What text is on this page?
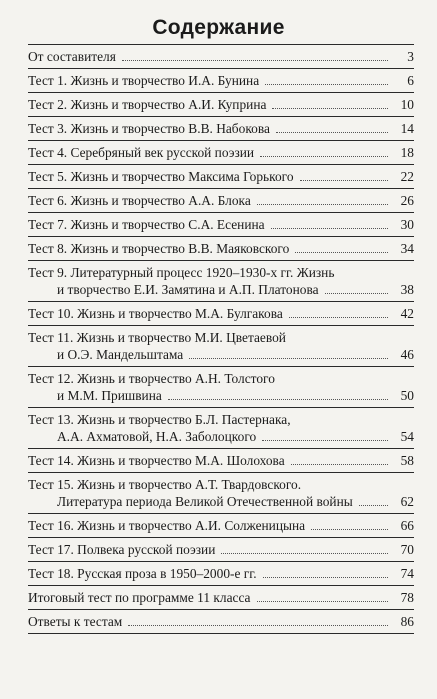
Содержание
От составителя	3
Тест 1. Жизнь и творчество И.А. Бунина	6
Тест 2. Жизнь и творчество А.И. Куприна	10
Тест 3. Жизнь и творчество В.В. Набокова	14
Тест 4. Серебряный век русской поэзии	18
Тест 5. Жизнь и творчество Максима Горького	22
Тест 6. Жизнь и творчество А.А. Блока	26
Тест 7. Жизнь и творчество С.А. Есенина	30
Тест 8. Жизнь и творчество В.В. Маяковского	34
Тест 9. Литературный процесс 1920–1930-х гг. Жизнь
и творчество Е.И. Замятина и А.П. Платонова	38
Тест 10. Жизнь и творчество М.А. Булгакова	42
Тест 11. Жизнь и творчество М.И. Цветаевой
и О.Э. Мандельштама	46
Тест 12. Жизнь и творчество А.Н. Толстого
и М.М. Пришвина	50
Тест 13. Жизнь и творчество Б.Л. Пастернака,
А.А. Ахматовой, Н.А. Заболоцкого	54
Тест 14. Жизнь и творчество М.А. Шолохова	58
Тест 15. Жизнь и творчество А.Т. Твардовского.
Литература периода Великой Отечественной войны	62
Тест 16. Жизнь и творчество А.И. Солженицына	66
Тест 17. Полвека русской поэзии	70
Тест 18. Русская проза в 1950–2000-е гг.	74
Итоговый тест по программе 11 класса	78
Ответы к тестам	86
